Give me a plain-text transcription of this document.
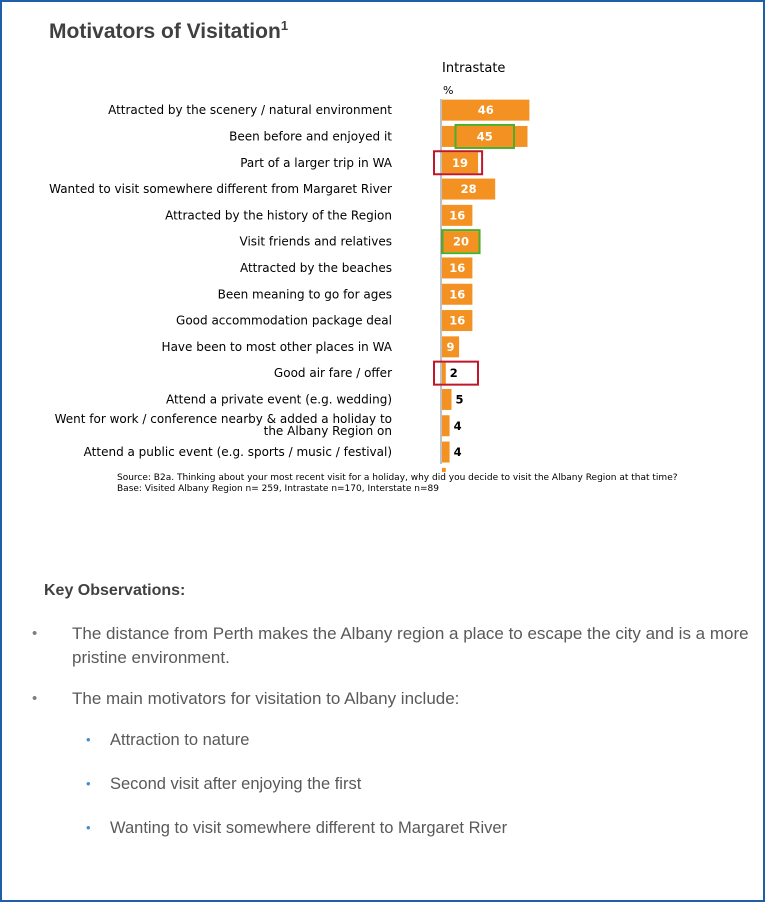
Motivators of Visitation$^1$
Intrastate
%
Attracted by the scenery / natural environment	46
Been before and enjoyed it	45
Part of a larger trip in WA	19
Wanted to visit somewhere different from Margaret River	28
Attracted by the history of the Region	16
Visit friends and relatives	20
Attracted by the beaches	16
Been meaning to go for ages	16
Good accommodation package deal	16
Have been to most other places in WA	9
Good air fare / offer	2
Attend a private event (e.g. wedding)	5
Went for work / conference nearby & added a holiday to the Albany Region on	4
Attend a public event (e.g. sports / music / festival)	4
Source: B2a. Thinking about your most recent visit for a holiday, why did you decide to visit the Albany Region at that time?
Base: Visited Albany Region n= 259, Intrastate n=170, Interstate n=89
Key Observations:
• The distance from Perth makes the Albany region a place to escape the city and is a more pristine environment.
• The main motivators for visitation to Albany include:
• Attraction to nature
• Second visit after enjoying the first
• Wanting to visit somewhere different to Margaret River
